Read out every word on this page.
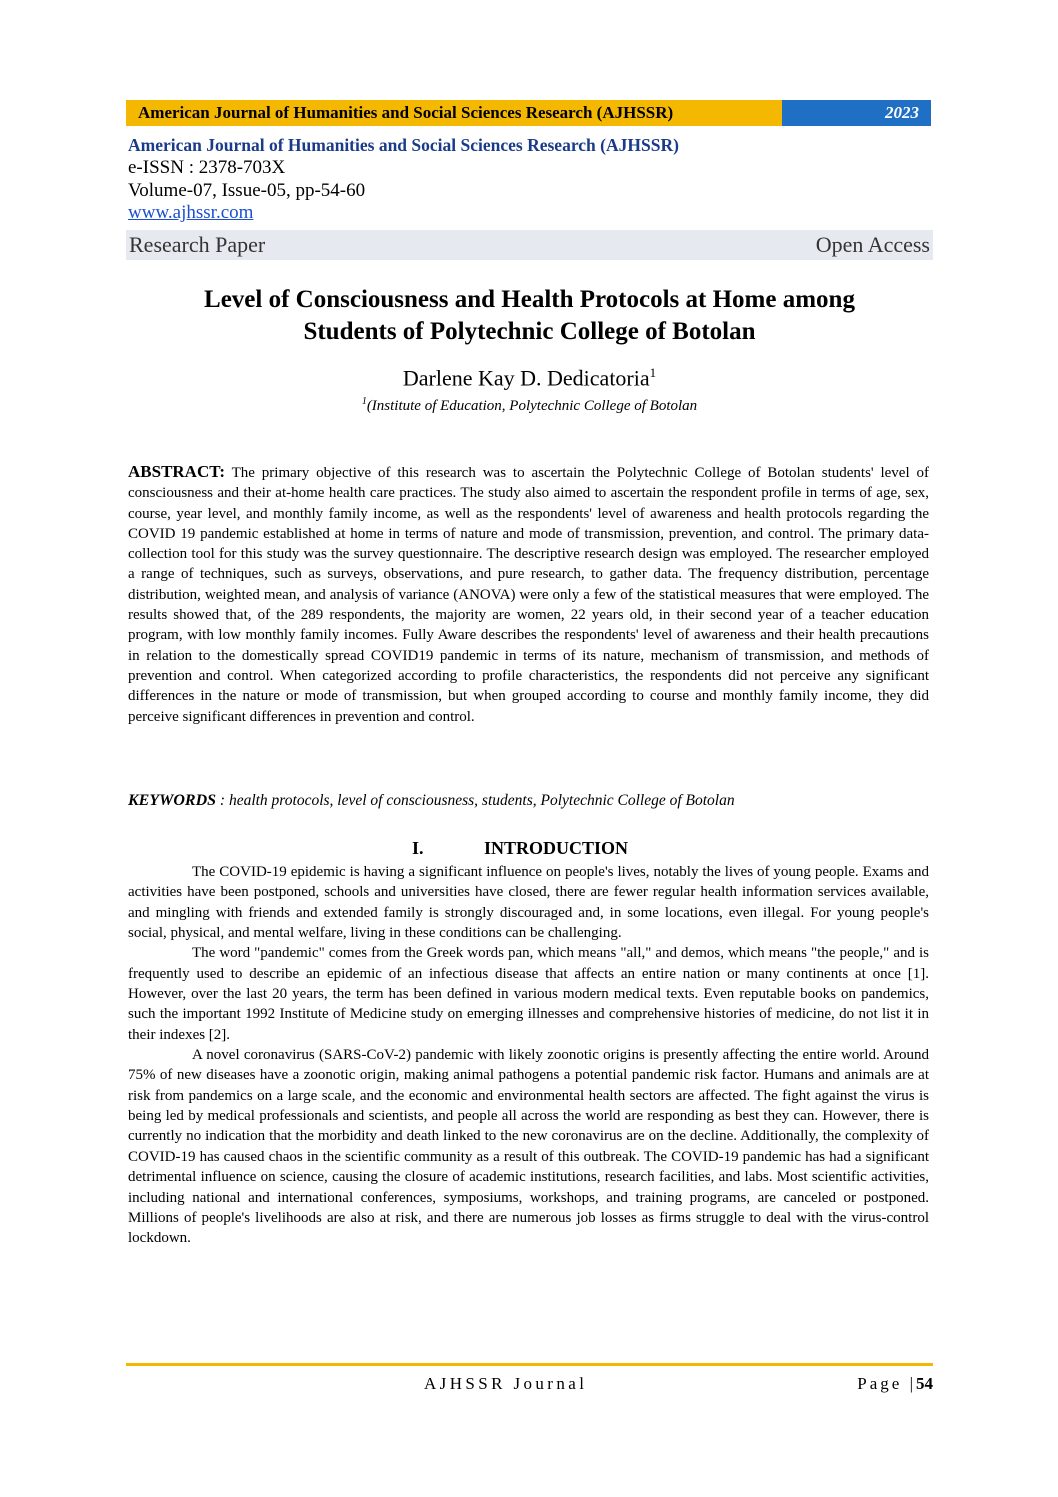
American Journal of Humanities and Social Sciences Research (AJHSSR)	2023
American Journal of Humanities and Social Sciences Research (AJHSSR)
e-ISSN : 2378-703X
Volume-07, Issue-05, pp-54-60
www.ajhssr.com
Research Paper	Open Access
Level of Consciousness and Health Protocols at Home among
Students of Polytechnic College of Botolan
Darlene Kay D. Dedicatoria$^1$
$^1$(Institute of Education, Polytechnic College of Botolan
ABSTRACT: The primary objective of this research was to ascertain the Polytechnic College of Botolan students' level of consciousness and their at-home health care practices. The study also aimed to ascertain the respondent profile in terms of age, sex, course, year level, and monthly family income, as well as the respondents' level of awareness and health protocols regarding the COVID 19 pandemic established at home in terms of nature and mode of transmission, prevention, and control. The primary data-collection tool for this study was the survey questionnaire. The descriptive research design was employed. The researcher employed a range of techniques, such as surveys, observations, and pure research, to gather data. The frequency distribution, percentage distribution, weighted mean, and analysis of variance (ANOVA) were only a few of the statistical measures that were employed. The results showed that, of the 289 respondents, the majority are women, 22 years old, in their second year of a teacher education program, with low monthly family incomes. Fully Aware describes the respondents' level of awareness and their health precautions in relation to the domestically spread COVID19 pandemic in terms of its nature, mechanism of transmission, and methods of prevention and control. When categorized according to profile characteristics, the respondents did not perceive any significant differences in the nature or mode of transmission, but when grouped according to course and monthly family income, they did perceive significant differences in prevention and control.
KEYWORDS : health protocols, level of consciousness, students, Polytechnic College of Botolan
I.	INTRODUCTION

The COVID-19 epidemic is having a significant influence on people's lives, notably the lives of young people. Exams and activities have been postponed, schools and universities have closed, there are fewer regular health information services available, and mingling with friends and extended family is strongly discouraged and, in some locations, even illegal. For young people's social, physical, and mental welfare, living in these conditions can be challenging.

The word "pandemic" comes from the Greek words pan, which means "all," and demos, which means "the people," and is frequently used to describe an epidemic of an infectious disease that affects an entire nation or many continents at once [1]. However, over the last 20 years, the term has been defined in various modern medical texts. Even reputable books on pandemics, such the important 1992 Institute of Medicine study on emerging illnesses and comprehensive histories of medicine, do not list it in their indexes [2].

A novel coronavirus (SARS-CoV-2) pandemic with likely zoonotic origins is presently affecting the entire world. Around 75% of new diseases have a zoonotic origin, making animal pathogens a potential pandemic risk factor. Humans and animals are at risk from pandemics on a large scale, and the economic and environmental health sectors are affected. The fight against the virus is being led by medical professionals and scientists, and people all across the world are responding as best they can. However, there is currently no indication that the morbidity and death linked to the new coronavirus are on the decline. Additionally, the complexity of COVID-19 has caused chaos in the scientific community as a result of this outbreak. The COVID-19 pandemic has had a significant detrimental influence on science, causing the closure of academic institutions, research facilities, and labs. Most scientific activities, including national and international conferences, symposiums, workshops, and training programs, are canceled or postponed. Millions of people's livelihoods are also at risk, and there are numerous job losses as firms struggle to deal with the virus-control lockdown.

AJHSSR Journal	Page |54
